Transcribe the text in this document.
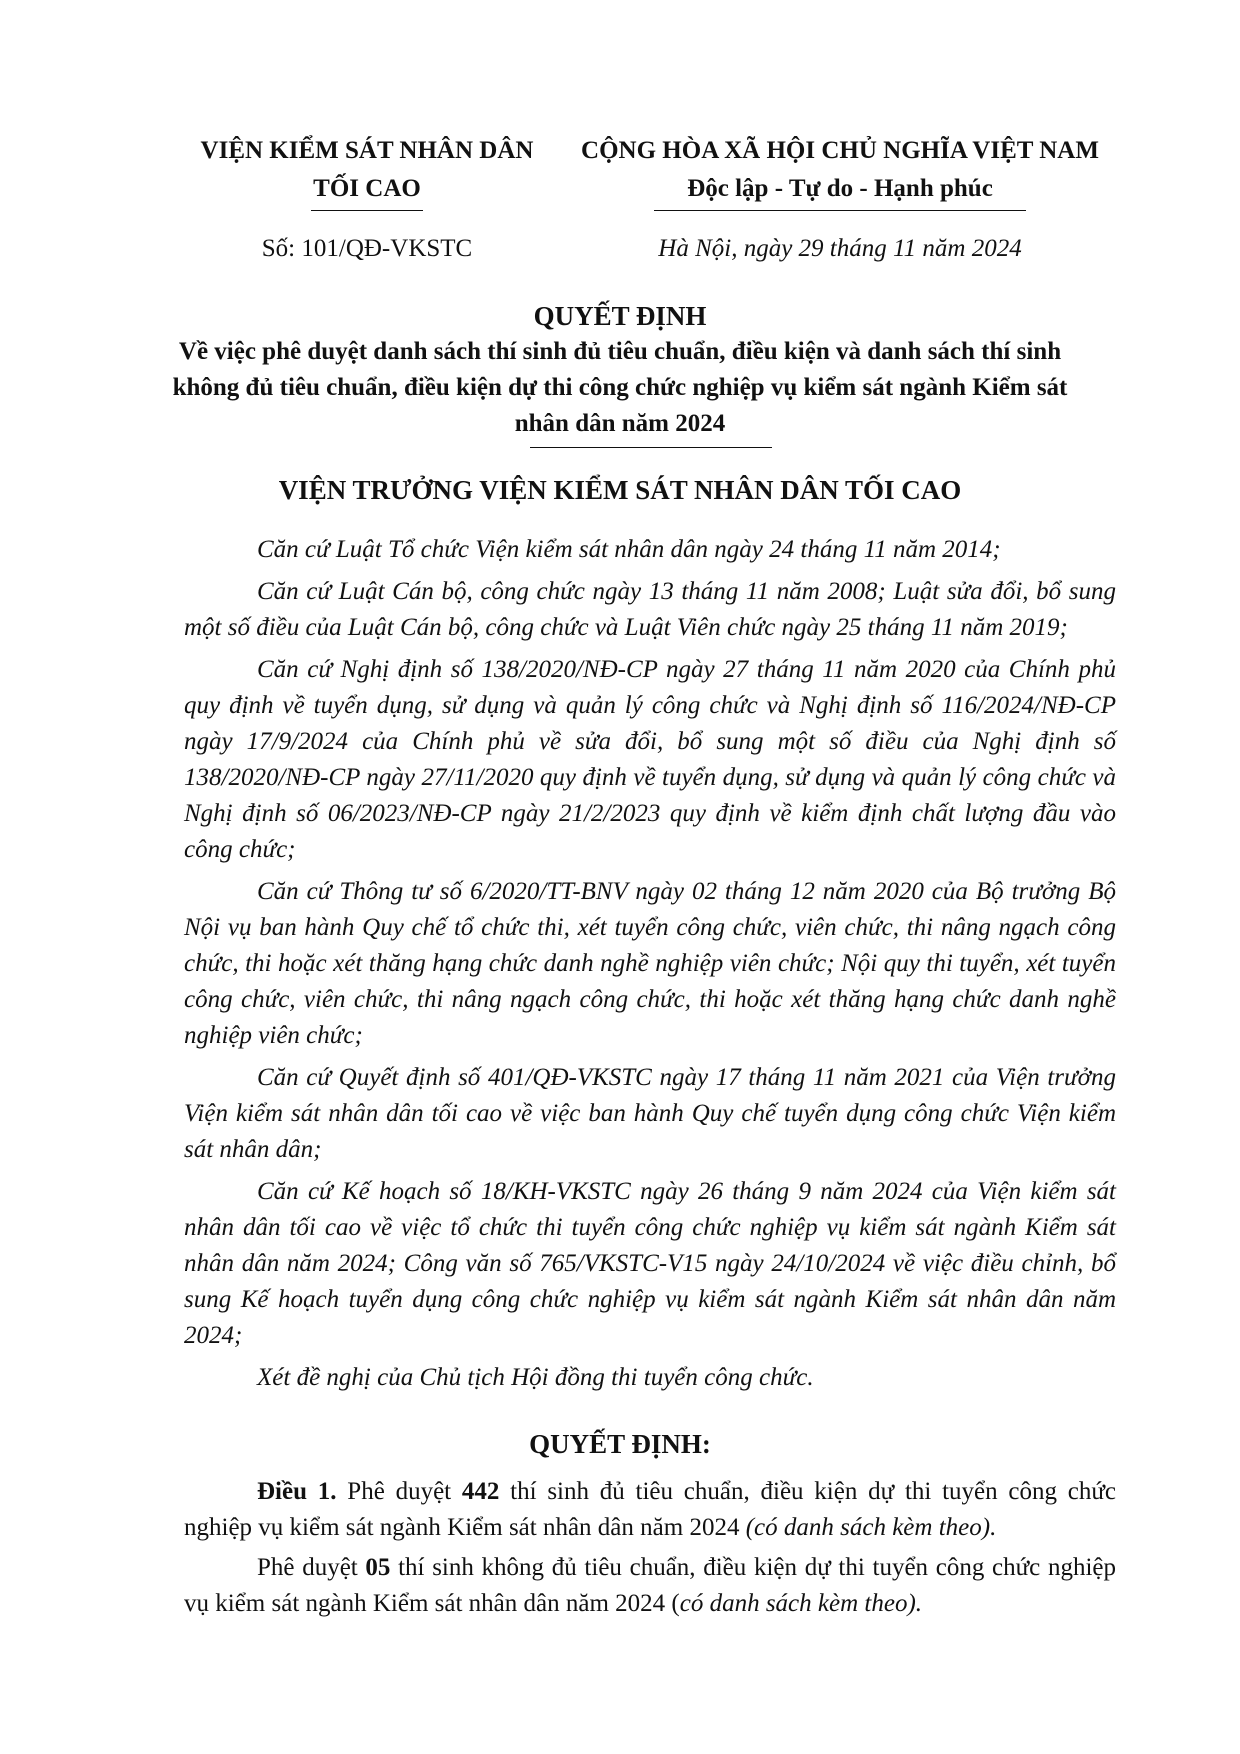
VIỆN KIỂM SÁT NHÂN DÂN
TỐI CAO
CỘNG HÒA XÃ HỘI CHỦ NGHĨA VIỆT NAM
Độc lập - Tự do - Hạnh phúc
Số: 101/QĐ-VKSTC	Hà Nội, ngày 29 tháng 11 năm 2024
QUYẾT ĐỊNH
Về việc phê duyệt danh sách thí sinh đủ tiêu chuẩn, điều kiện và danh sách thí sinh không đủ tiêu chuẩn, điều kiện dự thi công chức nghiệp vụ kiểm sát ngành Kiểm sát nhân dân năm 2024
VIỆN TRƯỞNG VIỆN KIỂM SÁT NHÂN DÂN TỐI CAO

Căn cứ Luật Tổ chức Viện kiểm sát nhân dân ngày 24 tháng 11 năm 2014;

Căn cứ Luật Cán bộ, công chức ngày 13 tháng 11 năm 2008; Luật sửa đổi, bổ sung một số điều của Luật Cán bộ, công chức và Luật Viên chức ngày 25 tháng 11 năm 2019;

Căn cứ Nghị định số 138/2020/NĐ-CP ngày 27 tháng 11 năm 2020 của Chính phủ quy định về tuyển dụng, sử dụng và quản lý công chức và Nghị định số 116/2024/NĐ-CP ngày 17/9/2024 của Chính phủ về sửa đổi, bổ sung một số điều của Nghị định số 138/2020/NĐ-CP ngày 27/11/2020 quy định về tuyển dụng, sử dụng và quản lý công chức và Nghị định số 06/2023/NĐ-CP ngày 21/2/2023 quy định về kiểm định chất lượng đầu vào công chức;

Căn cứ Thông tư số 6/2020/TT-BNV ngày 02 tháng 12 năm 2020 của Bộ trưởng Bộ Nội vụ ban hành Quy chế tổ chức thi, xét tuyển công chức, viên chức, thi nâng ngạch công chức, thi hoặc xét thăng hạng chức danh nghề nghiệp viên chức; Nội quy thi tuyển, xét tuyển công chức, viên chức, thi nâng ngạch công chức, thi hoặc xét thăng hạng chức danh nghề nghiệp viên chức;

Căn cứ Quyết định số 401/QĐ-VKSTC ngày 17 tháng 11 năm 2021 của Viện trưởng Viện kiểm sát nhân dân tối cao về việc ban hành Quy chế tuyển dụng công chức Viện kiểm sát nhân dân;

Căn cứ Kế hoạch số 18/KH-VKSTC ngày 26 tháng 9 năm 2024 của Viện kiểm sát nhân dân tối cao về việc tổ chức thi tuyển công chức nghiệp vụ kiểm sát ngành Kiểm sát nhân dân năm 2024; Công văn số 765/VKSTC-V15 ngày 24/10/2024 về việc điều chỉnh, bổ sung Kế hoạch tuyển dụng công chức nghiệp vụ kiểm sát ngành Kiểm sát nhân dân năm 2024;

Xét đề nghị của Chủ tịch Hội đồng thi tuyển công chức.

QUYẾT ĐỊNH:

Điều 1. Phê duyệt 442 thí sinh đủ tiêu chuẩn, điều kiện dự thi tuyển công chức nghiệp vụ kiểm sát ngành Kiểm sát nhân dân năm 2024 (có danh sách kèm theo).

Phê duyệt 05 thí sinh không đủ tiêu chuẩn, điều kiện dự thi tuyển công chức nghiệp vụ kiểm sát ngành Kiểm sát nhân dân năm 2024 (có danh sách kèm theo).
